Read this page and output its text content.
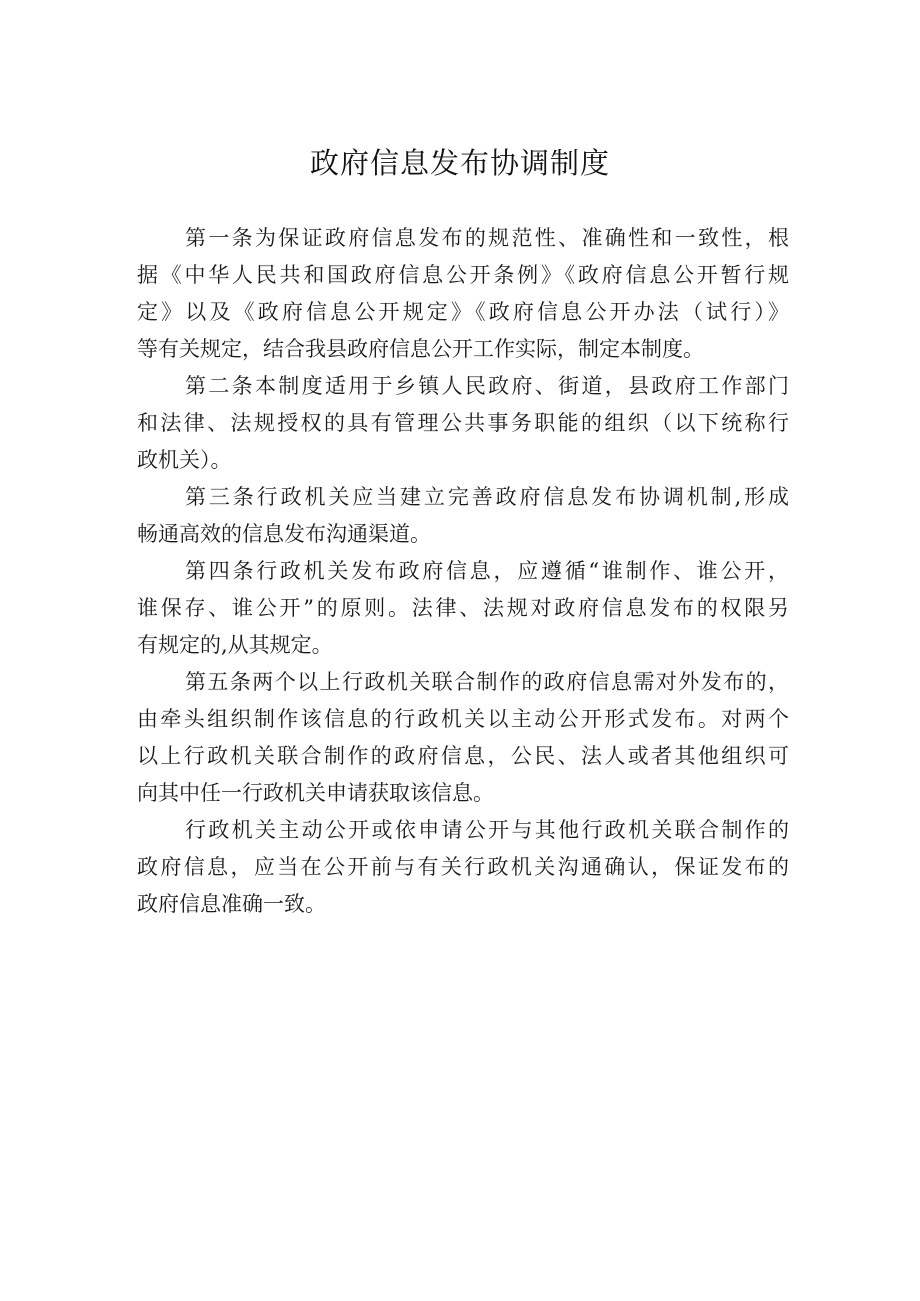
政府信息发布协调制度
第一条为保证政府信息发布的规范性、准确性和一致性，根
据《中华人民共和国政府信息公开条例》《政府信息公开暂行规
定》以及《政府信息公开规定》《政府信息公开办法（试行）》
等有关规定，结合我县政府信息公开工作实际，制定本制度。
第二条本制度适用于乡镇人民政府、街道，县政府工作部门
和法律、法规授权的具有管理公共事务职能的组织（以下统称行
政机关）。
第三条行政机关应当建立完善政府信息发布协调机制,形成
畅通高效的信息发布沟通渠道。
第四条行政机关发布政府信息，应遵循“谁制作、谁公开，
谁保存、谁公开”的原则。法律、法规对政府信息发布的权限另
有规定的,从其规定。
第五条两个以上行政机关联合制作的政府信息需对外发布的，
由牵头组织制作该信息的行政机关以主动公开形式发布。对两个
以上行政机关联合制作的政府信息，公民、法人或者其他组织可
向其中任一行政机关申请获取该信息。
行政机关主动公开或依申请公开与其他行政机关联合制作的
政府信息，应当在公开前与有关行政机关沟通确认，保证发布的
政府信息准确一致。
